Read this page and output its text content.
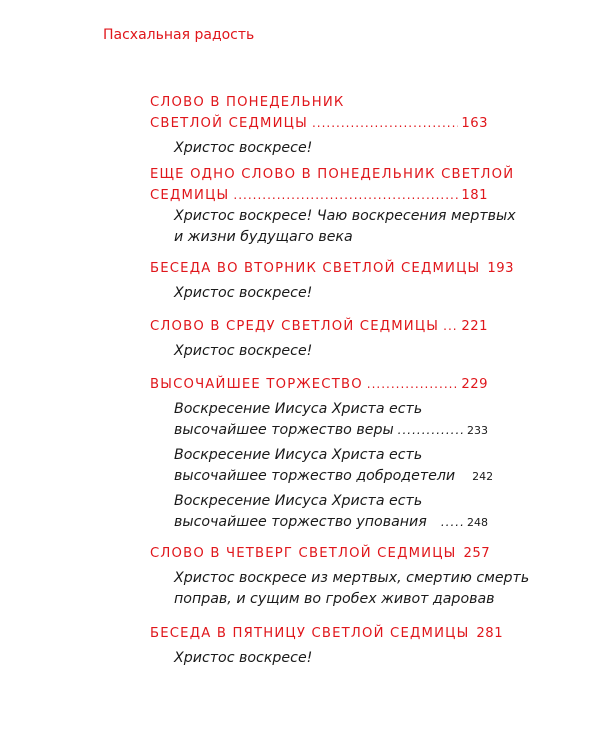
Пасхальная радость
СЛОВО В ПОНЕДЕЛЬНИК
СВЕТЛОЙ СЕДМИЦЫ .....	163
Христос воскресе!
ЕЩЕ ОДНО СЛОВО В ПОНЕДЕЛЬНИК СВЕТЛОЙ
СЕДМИЦЫ .....	181
Христос воскресе! Чаю воскресения мертвых
и жизни будущаго века
БЕСЕДА ВО ВТОРНИК СВЕТЛОЙ СЕДМИЦЫ 193
Христос воскресе!
СЛОВО В СРЕДУ СВЕТЛОЙ СЕДМИЦЫ ..... 221
Христос воскресе!
ВЫСОЧАЙШЕЕ ТОРЖЕСТВО .....	229
Воскресение Иисуса Христа есть
высочайшее торжество веры .....	233
Воскресение Иисуса Христа есть
высочайшее торжество добродетели 242
Воскресение Иисуса Христа есть
высочайшее торжество упования .....	248
СЛОВО В ЧЕТВЕРГ СВЕТЛОЙ СЕДМИЦЫ 257
Христос воскресе из мертвых, смертию смерть
поправ, и сущим во гробех живот даровав
БЕСЕДА В ПЯТНИЦУ СВЕТЛОЙ СЕДМИЦЫ 281
Христос воскресе!
